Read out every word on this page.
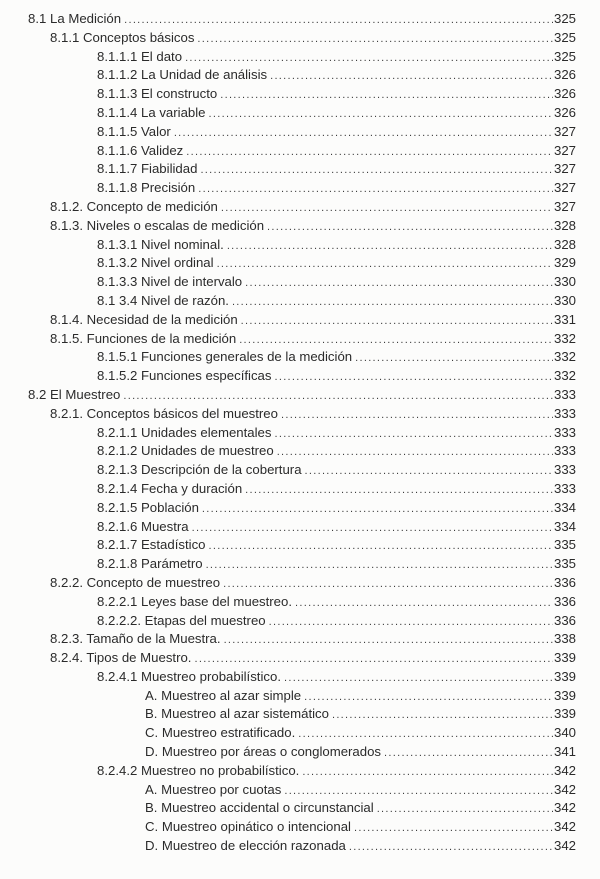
8.1 La Medición .....	325
8.1.1 Conceptos básicos .....	325
8.1.1.1 El dato .....	325
8.1.1.2 La Unidad de análisis .....	326
8.1.1.3 El constructo .....	326
8.1.1.4 La variable .....	326
8.1.1.5 Valor .....	327
8.1.1.6 Validez .....	327
8.1.1.7 Fiabilidad .....	327
8.1.1.8 Precisión .....	327
8.1.2. Concepto de medición .....	327
8.1.3. Niveles o escalas de medición .....	328
8.1.3.1 Nivel nominal. .....	328
8.1.3.2 Nivel ordinal .....	329
8.1.3.3 Nivel de intervalo .....	330
8.1 3.4 Nivel de razón. .....	330
8.1.4. Necesidad de la medición .....	331
8.1.5. Funciones de la medición .....	332
8.1.5.1 Funciones generales de la medición .....	332
8.1.5.2 Funciones específicas .....	332
8.2 El Muestreo .....	333
8.2.1. Conceptos básicos del muestreo .....	333
8.2.1.1 Unidades elementales .....	333
8.2.1.2 Unidades de muestreo .....	333
8.2.1.3 Descripción de la cobertura .....	333
8.2.1.4 Fecha y duración .....	333
8.2.1.5 Población .....	334
8.2.1.6 Muestra .....	334
8.2.1.7 Estadístico .....	335
8.2.1.8 Parámetro .....	335
8.2.2. Concepto de muestreo .....	336
8.2.2.1 Leyes base del muestreo. .....	336
8.2.2.2. Etapas del muestreo .....	336
8.2.3. Tamaño de la Muestra. .....	338
8.2.4. Tipos de Muestro. .....	339
8.2.4.1 Muestreo probabilístico. .....	339
A. Muestreo al azar simple .....	339
B. Muestreo al azar sistemático .....	339
C. Muestreo estratificado. .....	340
D. Muestreo por áreas o conglomerados .....	341
8.2.4.2 Muestreo no probabilístico. .....	342
A. Muestreo por cuotas .....	342
B. Muestreo accidental o circunstancial .....	342
C. Muestreo opinático o intencional .....	342
D. Muestreo de elección razonada .....	342
